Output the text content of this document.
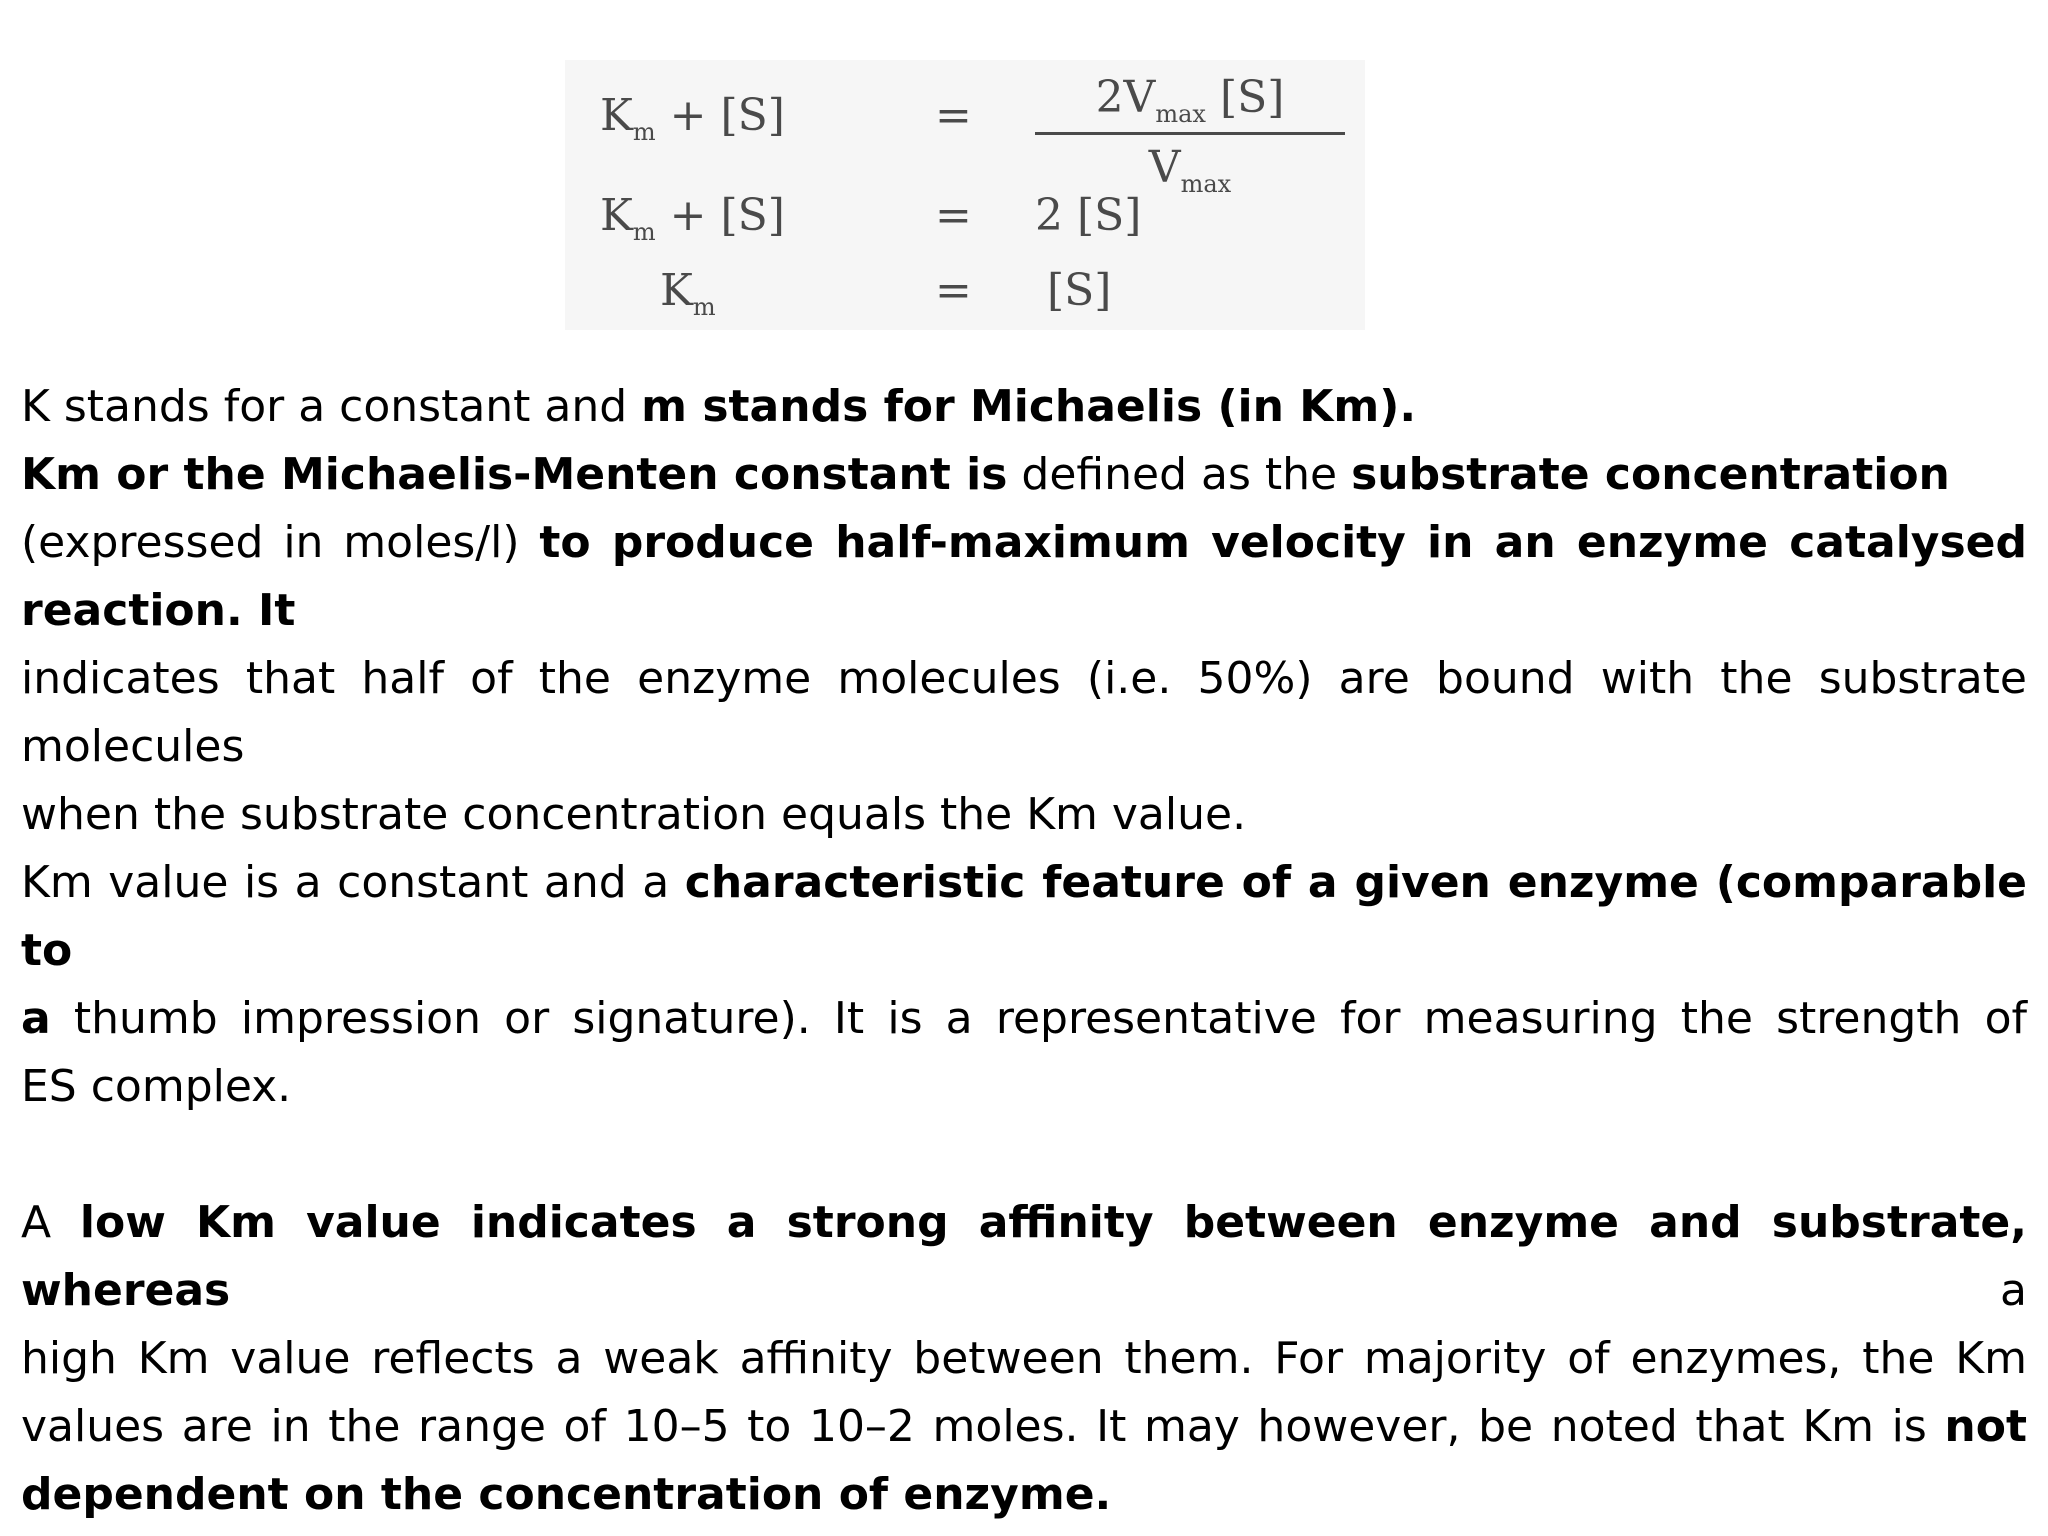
$K_m + [S]$	=	$2V_{max}$ [S]
$V_{max}$
$K_m + [S]$	= 2 [S]
$K_m$	= [S]
K stands for a constant and m stands for Michaelis (in Km).
Km or the Michaelis-Menten constant is defined as the substrate concentration
(expressed in moles/l) to produce half-maximum velocity in an enzyme catalysed
reaction. It
indicates that half of the enzyme molecules (i.e. 50%) are bound with the substrate
molecules
when the substrate concentration equals the Km value.
Km value is a constant and a characteristic feature of a given enzyme (comparable to
a thumb impression or signature). It is a representative for measuring the strength of
ES complex.
A low Km value indicates a strong affinity between enzyme and substrate, whereas a
high Km value reflects a weak affinity between them. For majority of enzymes, the Km
values are in the range of 10–5 to 10–2 moles. It may however, be noted that Km is not
dependent on the concentration of enzyme.
